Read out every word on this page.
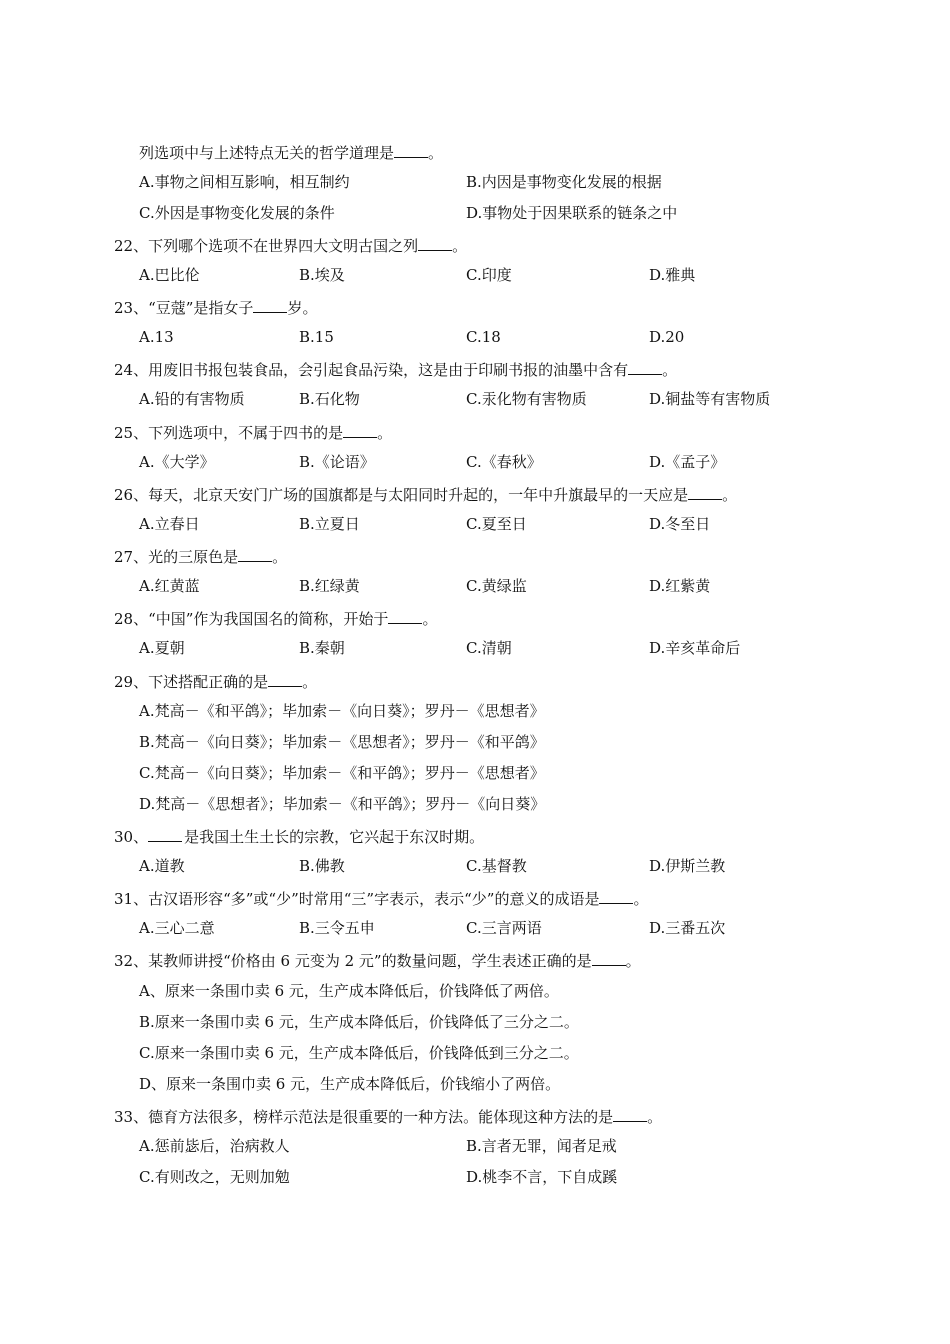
列选项中与上述特点无关的哲学道理是 。
A.事物之间相互影响，相互制约	B.内因是事物变化发展的根据
C.外因是事物变化发展的条件	D.事物处于因果联系的链条之中
22、下列哪个选项不在世界四大文明古国之列 。
A.巴比伦	B.埃及	C.印度	D.雅典
23、“豆蔻”是指女子 岁。
A.13	B.15	C.18	D.20
24、用废旧书报包装食品，会引起食品污染，这是由于印刷书报的油墨中含有 。
A.铅的有害物质	B.石化物	C.汞化物有害物质	D.铜盐等有害物质
25、下列选项中，不属于四书的是 。
A.《大学》	B.《论语》	C.《春秋》	D.《孟子》
26、每天，北京天安门广场的国旗都是与太阳同时升起的，一年中升旗最早的一天应是 。
A.立春日	B.立夏日	C.夏至日	D.冬至日
27、光的三原色是 。
A.红黄蓝	B.红绿黄	C.黄绿监	D.红紫黄
28、“中国”作为我国国名的简称，开始于 。
A.夏朝	B.秦朝	C.清朝	D.辛亥革命后
29、下述搭配正确的是 。
A.梵高－《和平鸽》；毕加索－《向日葵》；罗丹－《思想者》
B.梵高－《向日葵》；毕加索－《思想者》；罗丹－《和平鸽》
C.梵高－《向日葵》；毕加索－《和平鸽》；罗丹－《思想者》
D.梵高－《思想者》；毕加索－《和平鸽》；罗丹－《向日葵》
30、 是我国土生土长的宗教，它兴起于东汉时期。
A.道教	B.佛教	C.基督教	D.伊斯兰教
31、古汉语形容“多”或“少”时常用“三”字表示，表示“少”的意义的成语是 。
A.三心二意	B.三令五申	C.三言两语	D.三番五次
32、某教师讲授“价格由 6 元变为 2 元”的数量问题，学生表述正确的是 。
A、原来一条围巾卖 6 元，生产成本降低后，价钱降低了两倍。
B.原来一条围巾卖 6 元，生产成本降低后，价钱降低了三分之二。
C.原来一条围巾卖 6 元，生产成本降低后，价钱降低到三分之二。
D、原来一条围巾卖 6 元，生产成本降低后，价钱缩小了两倍。
33、德育方法很多，榜样示范法是很重要的一种方法。能体现这种方法的是 。
A.惩前毖后，治病救人	B.言者无罪，闻者足戒
C.有则改之，无则加勉	D.桃李不言，下自成蹊
